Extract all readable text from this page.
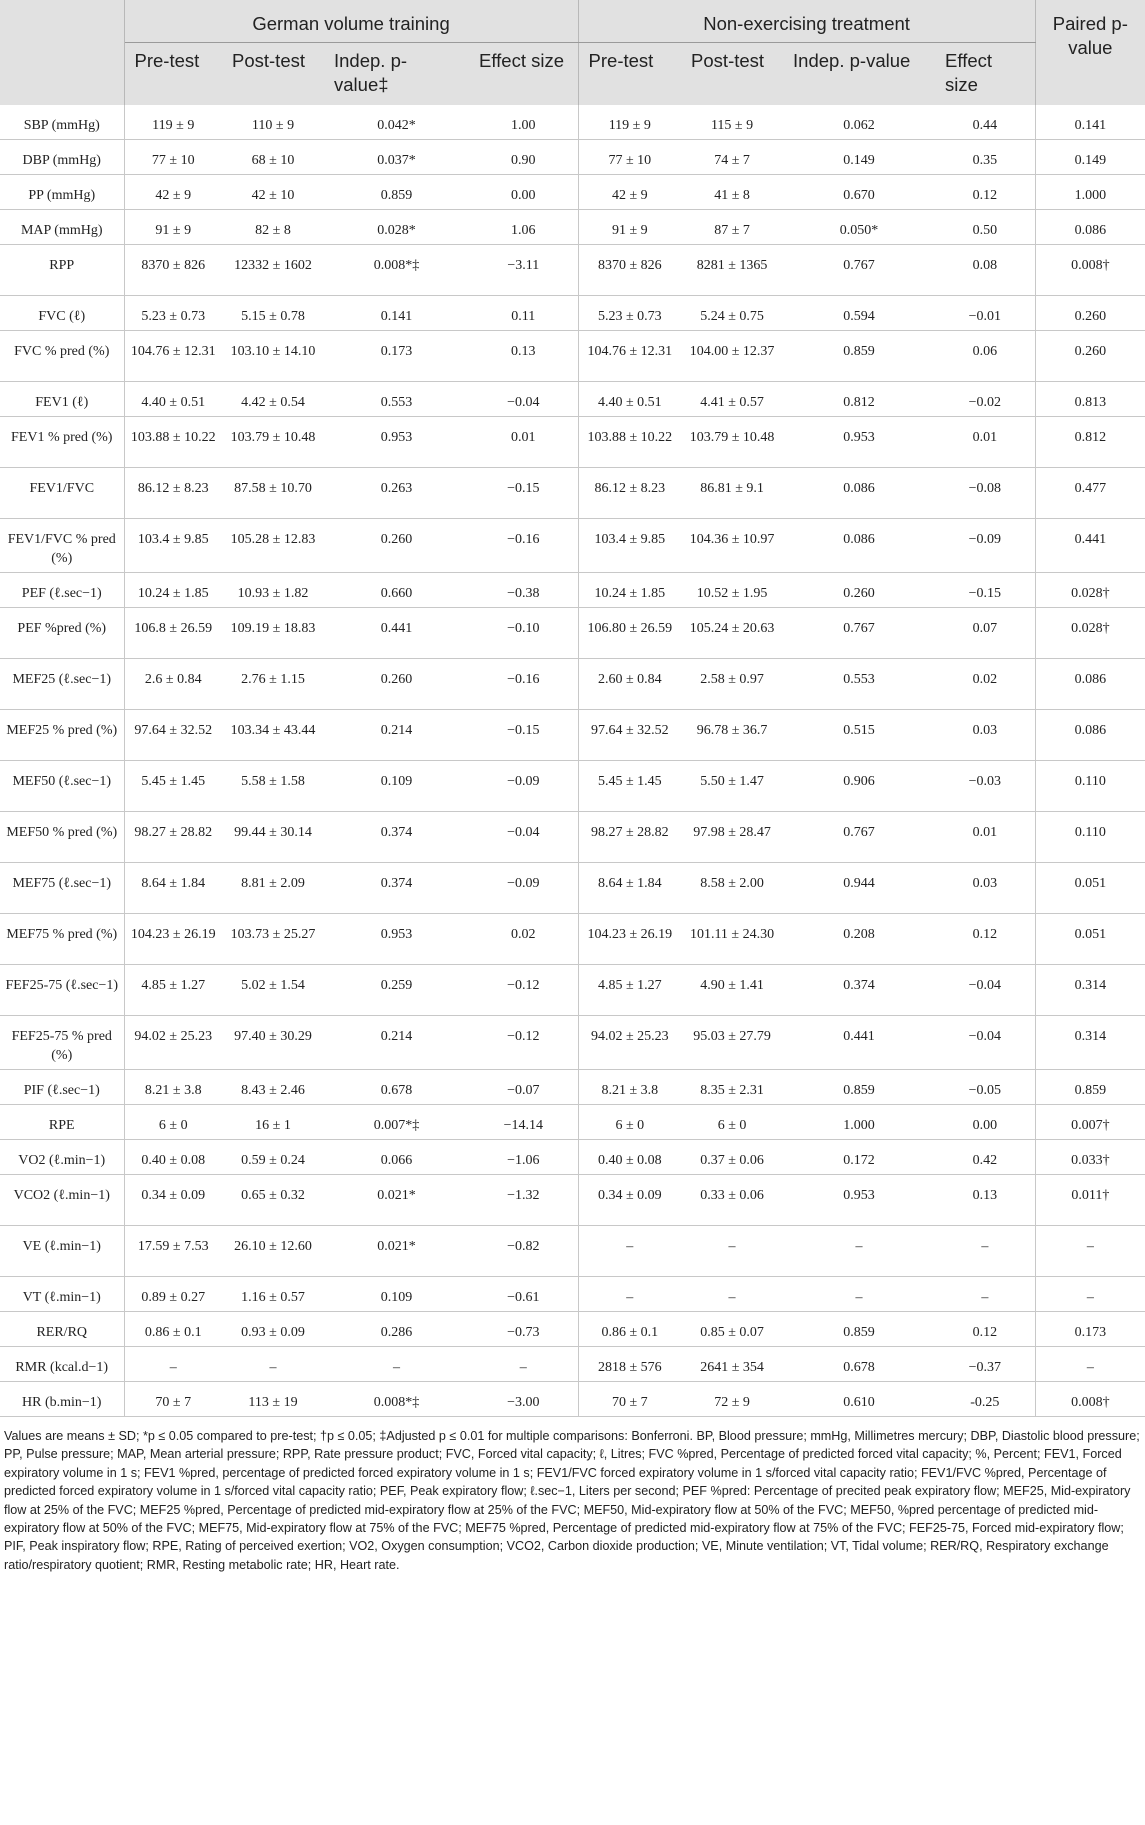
	German volume training				Non-exercising treatment				Paired p-value
	Pre-test	Post-test	Indep. p-value‡	Effect size	Pre-test	Post-test	Indep. p-value	Effect size	
SBP (mmHg)	119 ± 9	110 ± 9	0.042*	1.00	119 ± 9	115 ± 9	0.062	0.44	0.141
DBP (mmHg)	77 ± 10	68 ± 10	0.037*	0.90	77 ± 10	74 ± 7	0.149	0.35	0.149
PP (mmHg)	42 ± 9	42 ± 10	0.859	0.00	42 ± 9	41 ± 8	0.670	0.12	1.000
MAP (mmHg)	91 ± 9	82 ± 8	0.028*	1.06	91 ± 9	87 ± 7	0.050*	0.50	0.086
RPP	8370 ± 826	12332 ± 1602	0.008*‡	−3.11	8370 ± 826	8281 ± 1365	0.767	0.08	0.008†
FVC (ℓ)	5.23 ± 0.73	5.15 ± 0.78	0.141	0.11	5.23 ± 0.73	5.24 ± 0.75	0.594	−0.01	0.260
FVC % pred (%)	104.76 ± 12.31	103.10 ± 14.10	0.173	0.13	104.76 ± 12.31	104.00 ± 12.37	0.859	0.06	0.260
FEV1 (ℓ)	4.40 ± 0.51	4.42 ± 0.54	0.553	−0.04	4.40 ± 0.51	4.41 ± 0.57	0.812	−0.02	0.813
FEV1 % pred (%)	103.88 ± 10.22	103.79 ± 10.48	0.953	0.01	103.88 ± 10.22	103.79 ± 10.48	0.953	0.01	0.812
FEV1/FVC	86.12 ± 8.23	87.58 ± 10.70	0.263	−0.15	86.12 ± 8.23	86.81 ± 9.1	0.086	−0.08	0.477
FEV1/FVC % pred (%)	103.4 ± 9.85	105.28 ± 12.83	0.260	−0.16	103.4 ± 9.85	104.36 ± 10.97	0.086	−0.09	0.441
PEF (ℓ.sec−1)	10.24 ± 1.85	10.93 ± 1.82	0.660	−0.38	10.24 ± 1.85	10.52 ± 1.95	0.260	−0.15	0.028†
PEF %pred (%)	106.8 ± 26.59	109.19 ± 18.83	0.441	−0.10	106.80 ± 26.59	105.24 ± 20.63	0.767	0.07	0.028†
MEF25 (ℓ.sec−1)	2.6 ± 0.84	2.76 ± 1.15	0.260	−0.16	2.60 ± 0.84	2.58 ± 0.97	0.553	0.02	0.086
MEF25 % pred (%)	97.64 ± 32.52	103.34 ± 43.44	0.214	−0.15	97.64 ± 32.52	96.78 ± 36.7	0.515	0.03	0.086
MEF50 (ℓ.sec−1)	5.45 ± 1.45	5.58 ± 1.58	0.109	−0.09	5.45 ± 1.45	5.50 ± 1.47	0.906	−0.03	0.110
MEF50 % pred (%)	98.27 ± 28.82	99.44 ± 30.14	0.374	−0.04	98.27 ± 28.82	97.98 ± 28.47	0.767	0.01	0.110
MEF75 (ℓ.sec−1)	8.64 ± 1.84	8.81 ± 2.09	0.374	−0.09	8.64 ± 1.84	8.58 ± 2.00	0.944	0.03	0.051
MEF75 % pred (%)	104.23 ± 26.19	103.73 ± 25.27	0.953	0.02	104.23 ± 26.19	101.11 ± 24.30	0.208	0.12	0.051
FEF25-75 (ℓ.sec−1)	4.85 ± 1.27	5.02 ± 1.54	0.259	−0.12	4.85 ± 1.27	4.90 ± 1.41	0.374	−0.04	0.314
FEF25-75 % pred (%)	94.02 ± 25.23	97.40 ± 30.29	0.214	−0.12	94.02 ± 25.23	95.03 ± 27.79	0.441	−0.04	0.314
PIF (ℓ.sec−1)	8.21 ± 3.8	8.43 ± 2.46	0.678	−0.07	8.21 ± 3.8	8.35 ± 2.31	0.859	−0.05	0.859
RPE	6 ± 0	16 ± 1	0.007*‡	−14.14	6 ± 0	6 ± 0	1.000	0.00	0.007†
VO2 (ℓ.min−1)	0.40 ± 0.08	0.59 ± 0.24	0.066	−1.06	0.40 ± 0.08	0.37 ± 0.06	0.172	0.42	0.033†
VCO2 (ℓ.min−1)	0.34 ± 0.09	0.65 ± 0.32	0.021*	−1.32	0.34 ± 0.09	0.33 ± 0.06	0.953	0.13	0.011†
VE (ℓ.min−1)	17.59 ± 7.53	26.10 ± 12.60	0.021*	−0.82	–	–	–	–	–
VT (ℓ.min−1)	0.89 ± 0.27	1.16 ± 0.57	0.109	−0.61	–	–	–	–	–
RER/RQ	0.86 ± 0.1	0.93 ± 0.09	0.286	−0.73	0.86 ± 0.1	0.85 ± 0.07	0.859	0.12	0.173
RMR (kcal.d−1)	–	–	–	–	2818 ± 576	2641 ± 354	0.678	−0.37	–
HR (b.min−1)	70 ± 7	113 ± 19	0.008*‡	−3.00	70 ± 7	72 ± 9	0.610	-0.25	0.008†
Values are means ± SD; *p ≤ 0.05 compared to pre-test; †p ≤ 0.05; ‡Adjusted p ≤ 0.01 for multiple comparisons: Bonferroni. BP, Blood pressure; mmHg, Millimetres mercury; DBP, Diastolic blood pressure; PP, Pulse pressure; MAP, Mean arterial pressure; RPP, Rate pressure product; FVC, Forced vital capacity; ℓ, Litres; FVC %pred, Percentage of predicted forced vital capacity; %, Percent; FEV1, Forced expiratory volume in 1 s; FEV1 %pred, percentage of predicted forced expiratory volume in 1 s; FEV1/FVC forced expiratory volume in 1 s/forced vital capacity ratio; FEV1/FVC %pred, Percentage of predicted forced expiratory volume in 1 s/forced vital capacity ratio; PEF, Peak expiratory flow; ℓ.sec−1, Liters per second; PEF %pred: Percentage of precited peak expiratory flow; MEF25, Mid-expiratory flow at 25% of the FVC; MEF25 %pred, Percentage of predicted mid-expiratory flow at 25% of the FVC; MEF50, Mid-expiratory flow at 50% of the FVC; MEF50, %pred percentage of predicted mid-expiratory flow at 50% of the FVC; MEF75, Mid-expiratory flow at 75% of the FVC; MEF75 %pred, Percentage of predicted mid-expiratory flow at 75% of the FVC; FEF25-75, Forced mid-expiratory flow; PIF, Peak inspiratory flow; RPE, Rating of perceived exertion; VO2, Oxygen consumption; VCO2, Carbon dioxide production; VE, Minute ventilation; VT, Tidal volume; RER/RQ, Respiratory exchange ratio/respiratory quotient; RMR, Resting metabolic rate; HR, Heart rate.
